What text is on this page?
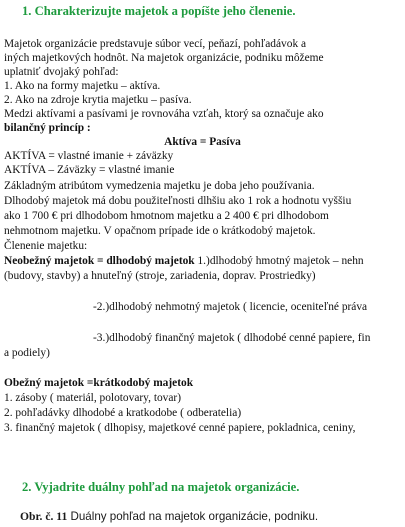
1. Charakterizujte majetok a popíšte jeho členenie.
Majetok organizácie predstavuje súbor vecí, peňazí, pohľadávok a
iných majetkových hodnôt. Na majetok organizácie, podniku môžeme
uplatniť dvojaký pohľad:
1. Ako na formy majetku – aktíva.
2. Ako na zdroje krytia majetku – pasíva.
Medzi aktívami a pasívami je rovnováha vzťah, ktorý sa označuje ako
bilančný princíp :
Aktíva = Pasíva
AKTÍVA = vlastné imanie + záväzky
AKTÍVA – Záväzky = vlastné imanie
Základným atribútom vymedzenia majetku je doba jeho používania.
Dlhodobý majetok má dobu použiteľnosti dlhšiu ako 1 rok a hodnotu vyššiu
ako 1 700 € pri dlhodobom hmotnom majetku a 2 400 € pri dlhodobom
nehmotnom majetku. V opačnom prípade ide o krátkodobý majetok.
Členenie majetku:
Neobežný majetok = dlhodobý majetok 1.)dlhodobý hmotný majetok – nehn
(budovy, stavby) a hnuteľný (stroje, zariadenia, doprav. Prostriedky)
-2.)dlhodobý nehmotný majetok ( licencie, oceniteľné práva
-3.)dlhodobý finančný majetok ( dlhodobé cenné papiere, fin
a podiely)
Obežný majetok =krátkodobý majetok
1. zásoby ( materiál, polotovary, tovar)
2. pohľadávky dlhodobé a kratkodobe ( odberatelia)
3. finančný majetok ( dlhopisy, majetkové cenné papiere, pokladnica, ceniny,
2. Vyjadrite duálny pohľad na majetok organizácie.
Obr. č. 11 Duálny pohľad na majetok organizácie, podniku.
